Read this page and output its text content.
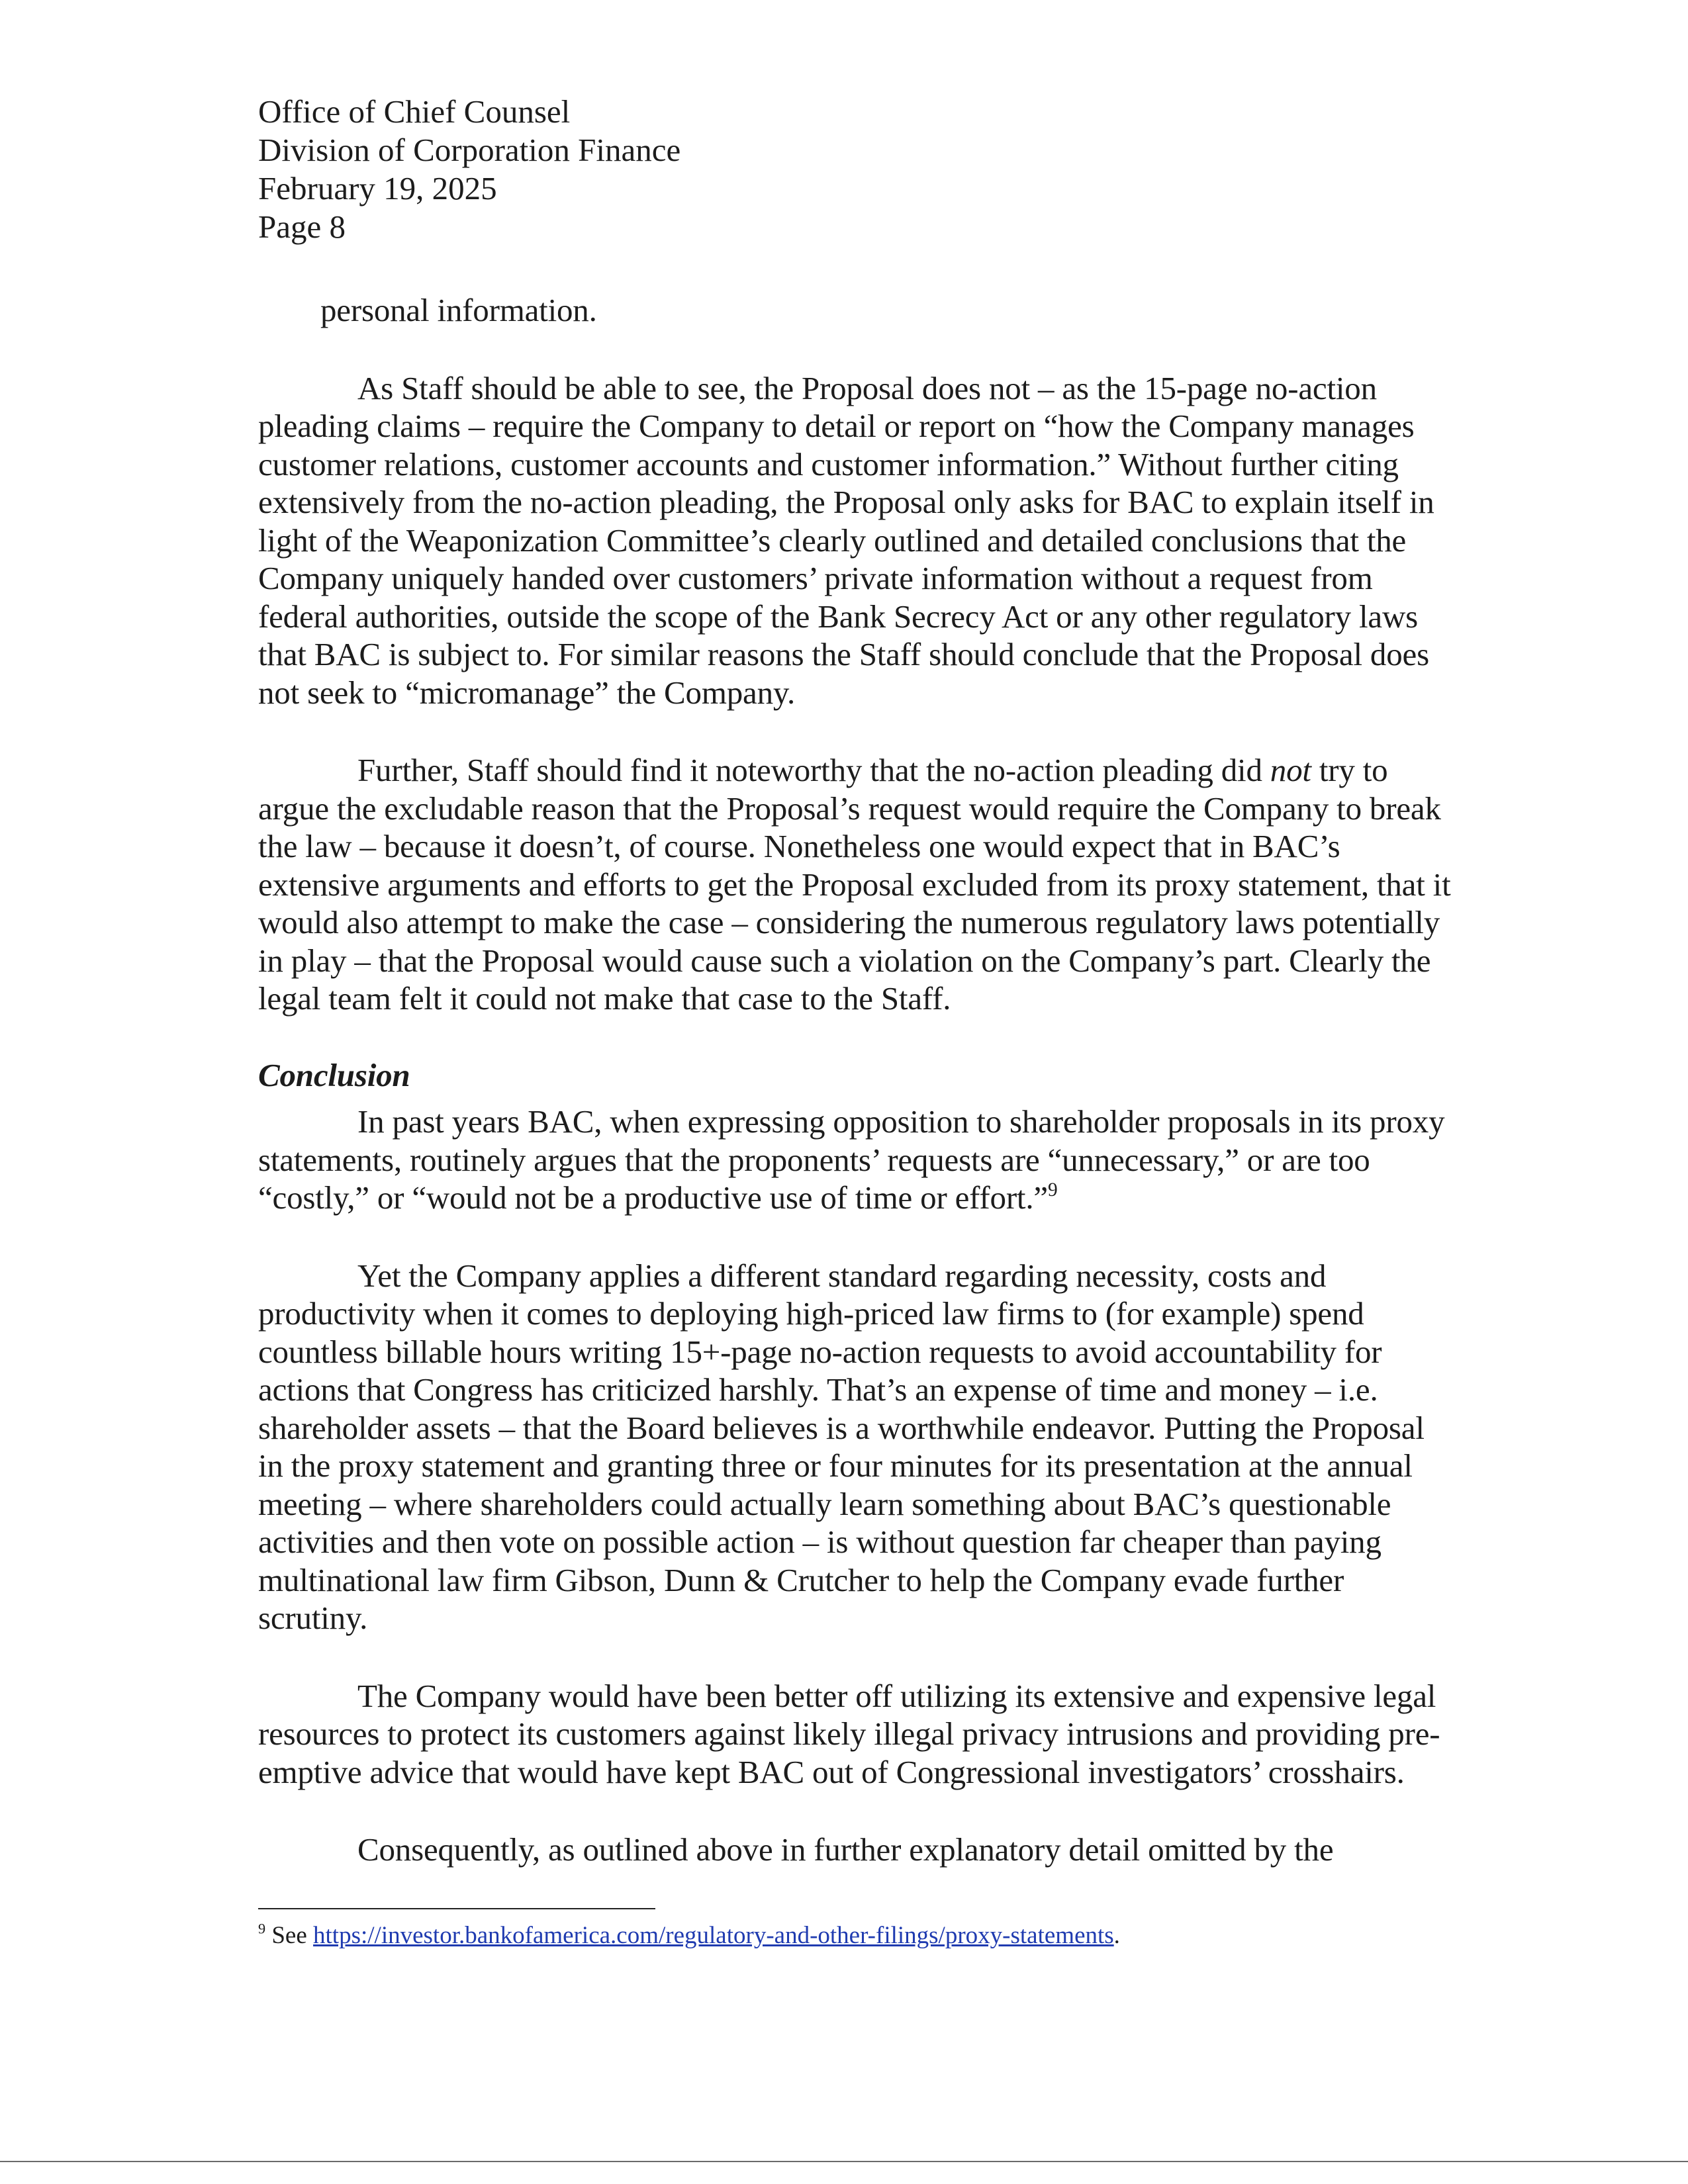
Office of Chief Counsel
Division of Corporation Finance
February 19, 2025
Page 8

personal information.

As Staff should be able to see, the Proposal does not – as the 15-page no-action pleading claims – require the Company to detail or report on “how the Company manages customer relations, customer accounts and customer information.” Without further citing extensively from the no-action pleading, the Proposal only asks for BAC to explain itself in light of the Weaponization Committee’s clearly outlined and detailed conclusions that the Company uniquely handed over customers’ private information without a request from federal authorities, outside the scope of the Bank Secrecy Act or any other regulatory laws that BAC is subject to. For similar reasons the Staff should conclude that the Proposal does not seek to “micromanage” the Company.

Further, Staff should find it noteworthy that the no-action pleading did not try to argue the excludable reason that the Proposal’s request would require the Company to break the law – because it doesn’t, of course. Nonetheless one would expect that in BAC’s extensive arguments and efforts to get the Proposal excluded from its proxy statement, that it would also attempt to make the case – considering the numerous regulatory laws potentially in play – that the Proposal would cause such a violation on the Company’s part. Clearly the legal team felt it could not make that case to the Staff.

Conclusion

In past years BAC, when expressing opposition to shareholder proposals in its proxy statements, routinely argues that the proponents’ requests are “unnecessary,” or are too “costly,” or “would not be a productive use of time or effort.”$^9$

Yet the Company applies a different standard regarding necessity, costs and productivity when it comes to deploying high-priced law firms to (for example) spend countless billable hours writing 15+-page no-action requests to avoid accountability for actions that Congress has criticized harshly. That’s an expense of time and money – i.e. shareholder assets – that the Board believes is a worthwhile endeavor. Putting the Proposal in the proxy statement and granting three or four minutes for its presentation at the annual meeting – where shareholders could actually learn something about BAC’s questionable activities and then vote on possible action – is without question far cheaper than paying multinational law firm Gibson, Dunn & Crutcher to help the Company evade further scrutiny.

The Company would have been better off utilizing its extensive and expensive legal resources to protect its customers against likely illegal privacy intrusions and providing pre-emptive advice that would have kept BAC out of Congressional investigators’ crosshairs.

Consequently, as outlined above in further explanatory detail omitted by the

$^9$ See https://investor.bankofamerica.com/regulatory-and-other-filings/proxy-statements.
